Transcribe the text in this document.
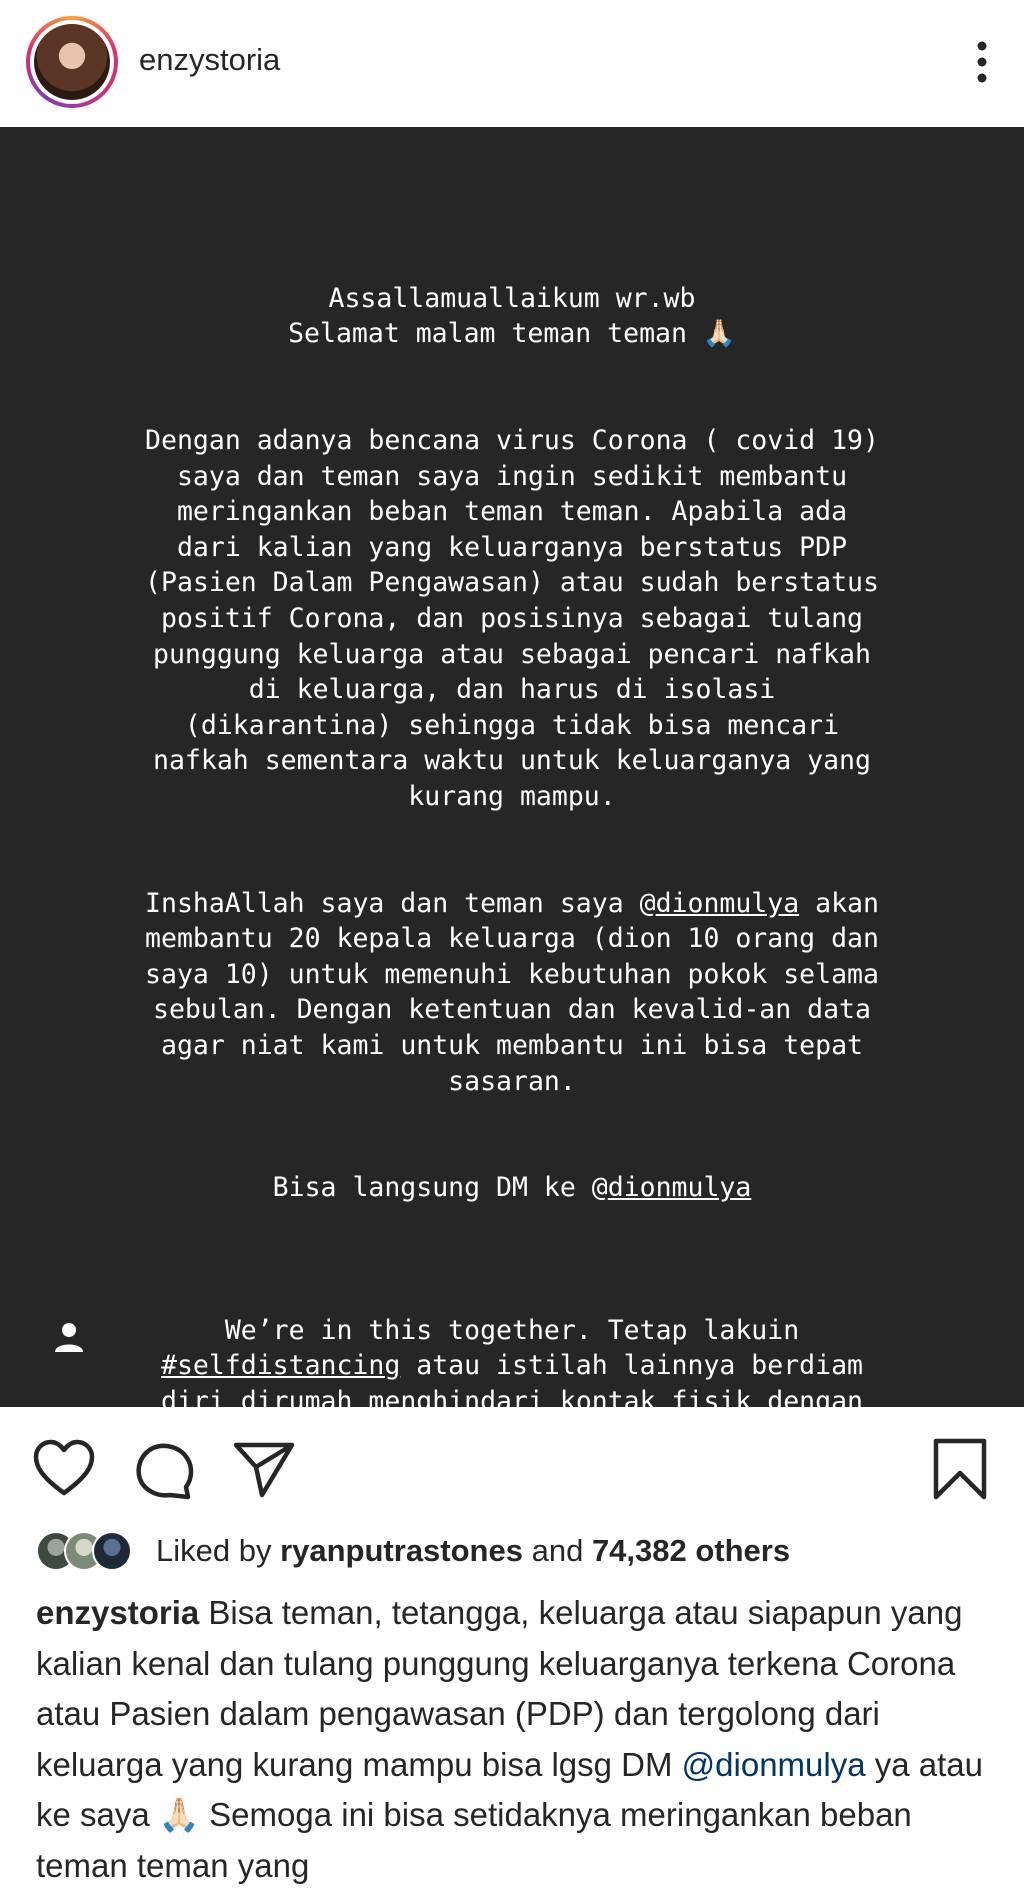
enzystoria

Assallamuallaikum wr.wb
Selamat malam teman teman 🙏🏻

Dengan adanya bencana virus Corona ( covid 19)
saya dan teman saya ingin sedikit membantu
meringankan beban teman teman. Apabila ada
dari kalian yang keluarganya berstatus PDP
(Pasien Dalam Pengawasan) atau sudah berstatus
positif Corona, dan posisinya sebagai tulang
punggung keluarga atau sebagai pencari nafkah
di keluarga, dan harus di isolasi
(dikarantina) sehingga tidak bisa mencari
nafkah sementara waktu untuk keluarganya yang
kurang mampu.

InshaAllah saya dan teman saya @dionmulya akan
membantu 20 kepala keluarga (dion 10 orang dan
saya 10) untuk memenuhi kebutuhan pokok selama
sebulan. Dengan ketentuan dan kevalid-an data
agar niat kami untuk membantu ini bisa tepat
sasaran.

Bisa langsung DM ke @dionmulya

We’re in this together. Tetap lakuin
#selfdistancing atau istilah lainnya berdiam
diri dirumah menghindari kontak fisik dengan
orang lain agar rantai penularan virus ini
bisa berkurang atau bahkan berhenti.

Liked by ryanputrastones and 74,382 others
enzystoria Bisa teman, tetangga, keluarga atau siapapun yang kalian kenal dan tulang punggung keluarganya terkena Corona atau Pasien dalam pengawasan (PDP) dan tergolong dari keluarga yang kurang mampu bisa lgsg DM @dionmulya ya atau ke saya 🙏🏻 Semoga ini bisa setidaknya meringankan beban teman teman yang
